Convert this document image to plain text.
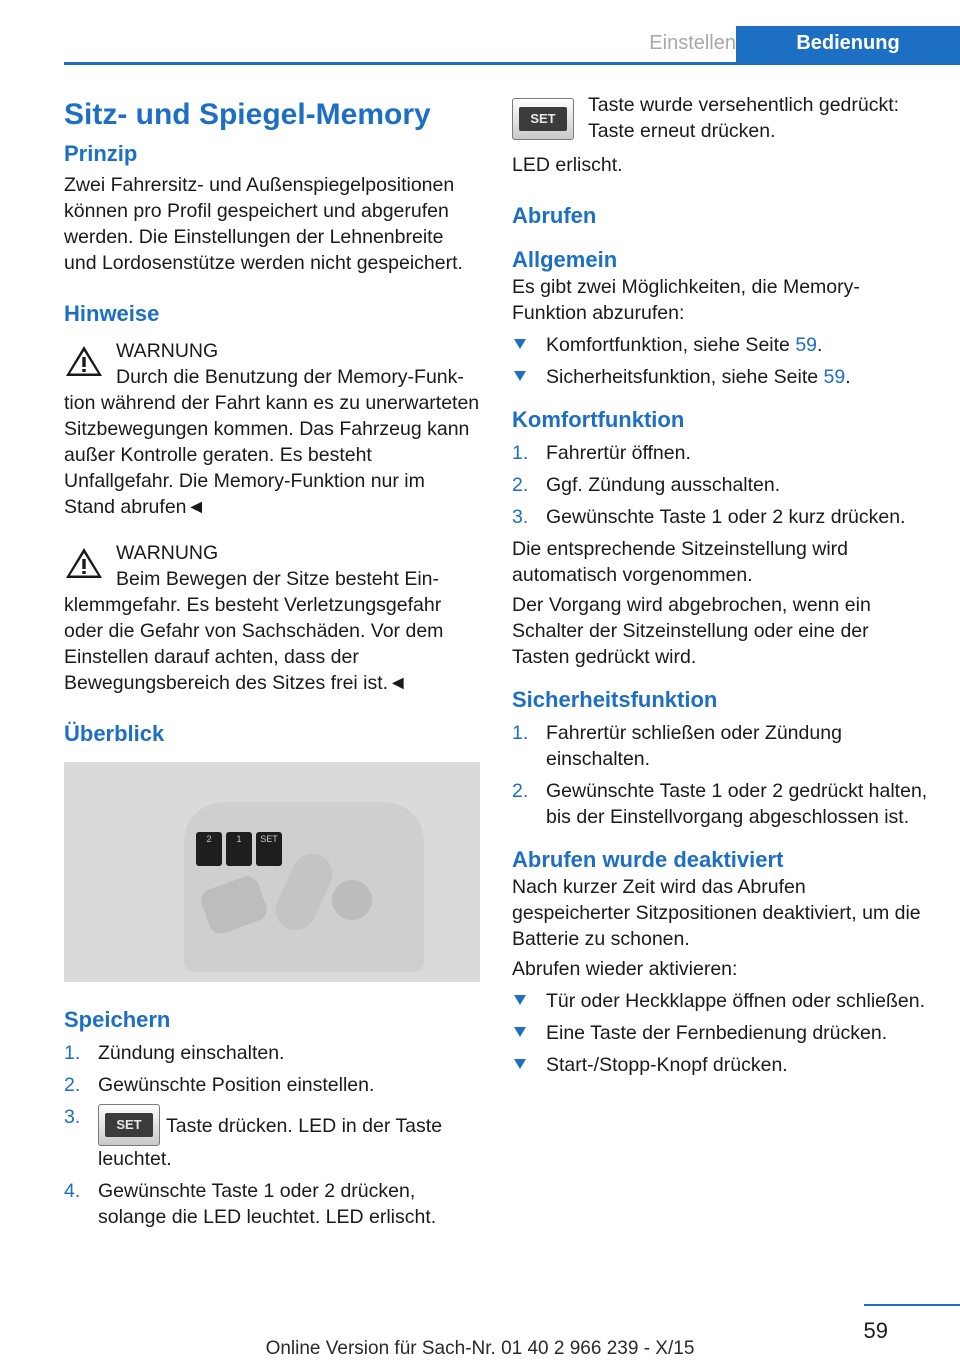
Einstellen	Bedienung
Sitz- und Spiegel-Memory
Prinzip

Zwei Fahrersitz- und Außenspiegelpositionen können pro Profil gespeichert und abgerufen werden. Die Einstellungen der Lehnenbreite und Lordosenstütze werden nicht gespeichert.

Hinweise
WARNUNG
Durch die Benutzung der Memory-Funk-
tion während der Fahrt kann es zu unerwarteten Sitzbewegungen kommen. Das Fahrzeug kann außer Kontrolle geraten. Es besteht Unfallgefahr. Die Memory-Funktion nur im Stand abrufen◄
WARNUNG
Beim Bewegen der Sitze besteht Ein-
klemmgefahr. Es besteht Verletzungsgefahr oder die Gefahr von Sachschäden. Vor dem Einstellen darauf achten, dass der Bewegungsbereich des Sitzes frei ist.◄
Überblick
2	1	SET
Speichern
1. Zündung einschalten.
2. Gewünschte Position einstellen.
3.	SET	Taste drücken. LED in der Taste leuchtet.
4. Gewünschte Taste 1 oder 2 drücken, solange die LED leuchtet. LED erlischt.
SET
Taste wurde versehentlich gedrückt:
Taste erneut drücken.

LED erlischt.

Abrufen
Allgemein

Es gibt zwei Möglichkeiten, die Memory-Funktion abzurufen:

Komfortfunktion, siehe Seite 59.
Sicherheitsfunktion, siehe Seite 59.
Komfortfunktion
1. Fahrertür öffnen.
2. Ggf. Zündung ausschalten.
3. Gewünschte Taste 1 oder 2 kurz drücken.

Die entsprechende Sitzeinstellung wird automatisch vorgenommen.

Der Vorgang wird abgebrochen, wenn ein Schalter der Sitzeinstellung oder eine der Tasten gedrückt wird.

Sicherheitsfunktion
1. Fahrertür schließen oder Zündung einschalten.
2. Gewünschte Taste 1 oder 2 gedrückt halten, bis der Einstellvorgang abgeschlossen ist.
Abrufen wurde deaktiviert

Nach kurzer Zeit wird das Abrufen gespeicherter Sitzpositionen deaktiviert, um die Batterie zu schonen.

Abrufen wieder aktivieren:

Tür oder Heckklappe öffnen oder schließen.
Eine Taste der Fernbedienung drücken.
Start-/Stopp-Knopf drücken.
59
Online Version für Sach-Nr. 01 40 2 966 239 - X/15
